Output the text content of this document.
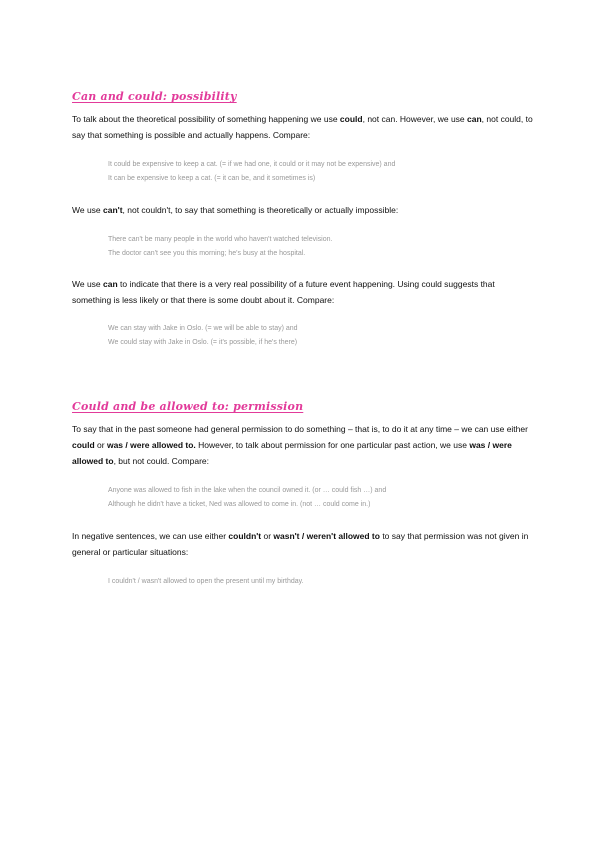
Can and could: possibility

To talk about the theoretical possibility of something happening we use could, not can. However, we use can, not could, to say that something is possible and actually happens. Compare:

It could be expensive to keep a cat. (= if we had one, it could or it may not be expensive) and
It can be expensive to keep a cat. (= it can be, and it sometimes is)

We use can't, not couldn't, to say that something is theoretically or actually impossible:

There can't be many people in the world who haven't watched television.
The doctor can't see you this morning; he's busy at the hospital.

We use can to indicate that there is a very real possibility of a future event happening. Using could suggests that something is less likely or that there is some doubt about it. Compare:

We can stay with Jake in Oslo. (= we will be able to stay) and
We could stay with Jake in Oslo. (= it's possible, if he's there)
Could and be allowed to: permission

To say that in the past someone had general permission to do something – that is, to do it at any time – we can use either could or was / were allowed to. However, to talk about permission for one particular past action, we use was / were allowed to, but not could. Compare:

Anyone was allowed to fish in the lake when the council owned it. (or … could fish …) and
Although he didn't have a ticket, Ned was allowed to come in. (not … could come in.)

In negative sentences, we can use either couldn't or wasn't / weren't allowed to to say that permission was not given in general or particular situations:

I couldn't / wasn't allowed to open the present until my birthday.
